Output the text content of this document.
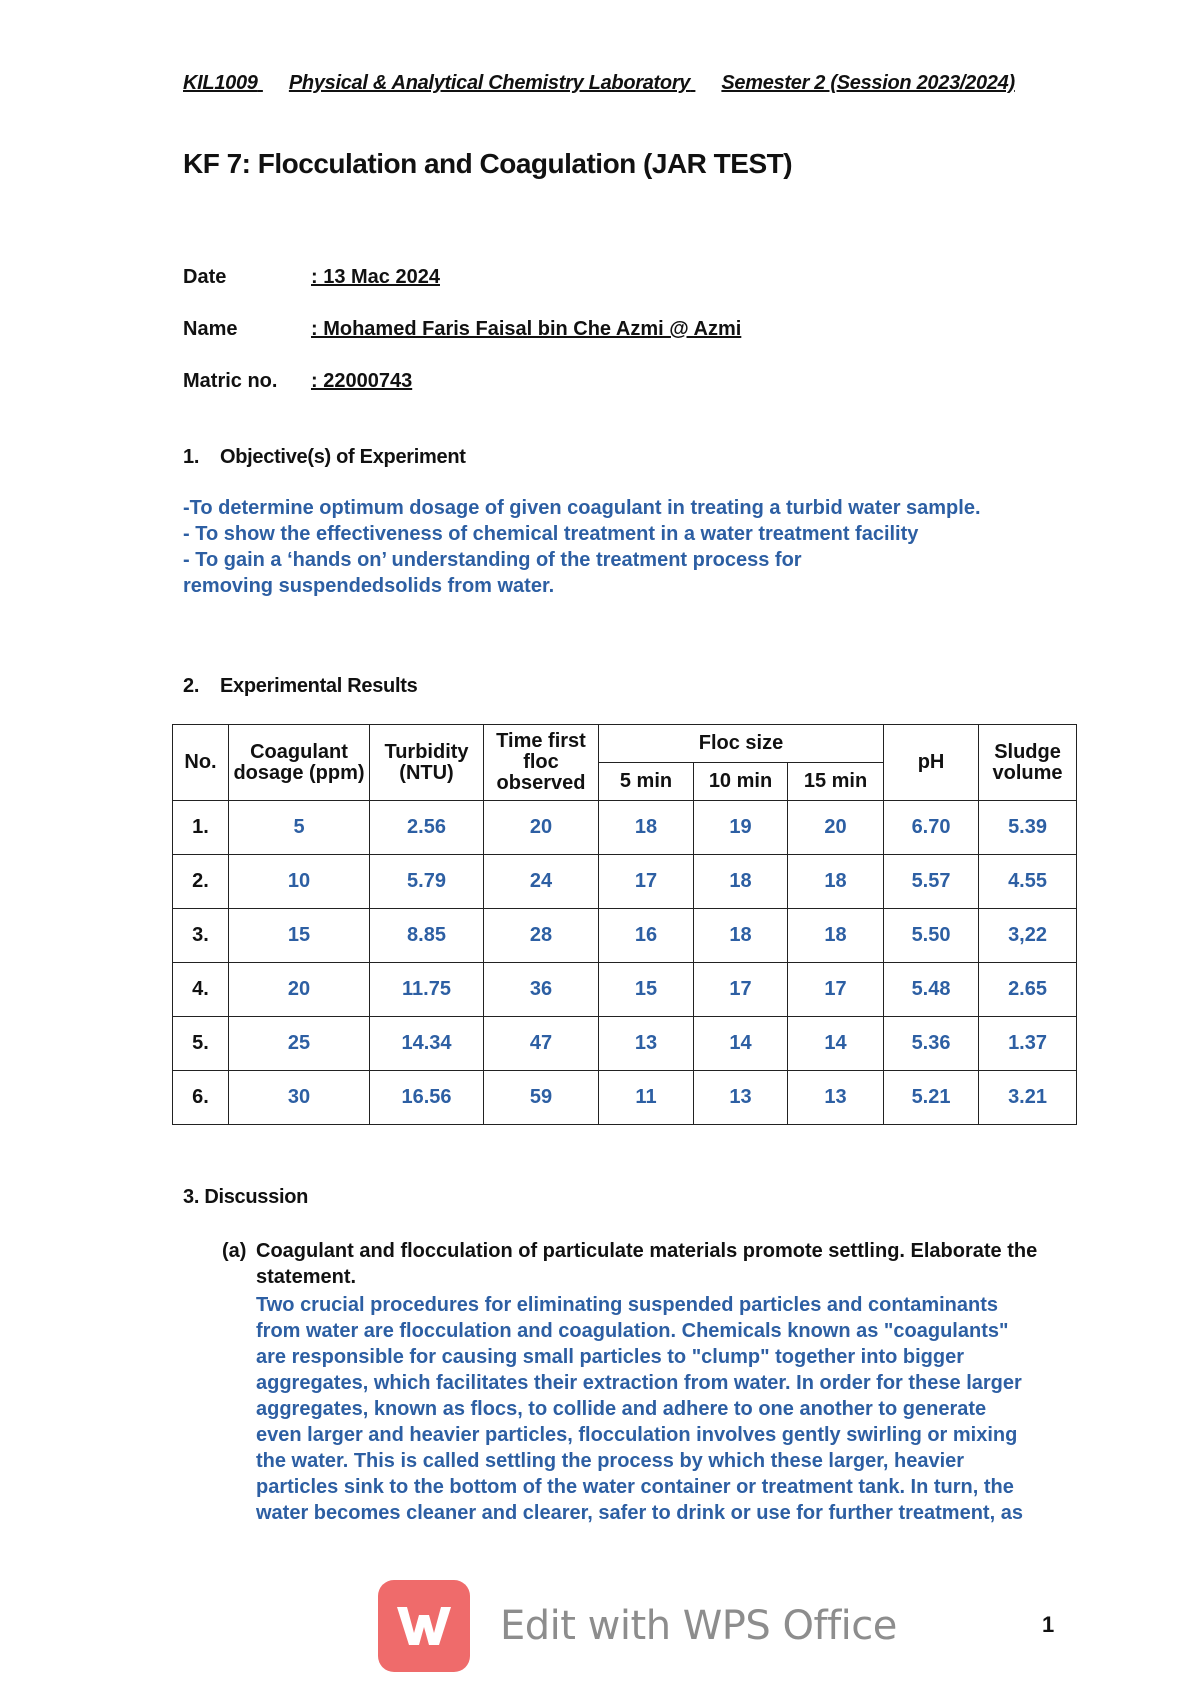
KIL1009 Physical & Analytical Chemistry Laboratory Semester 2 (Session 2023/2024)
KF 7: Flocculation and Coagulation (JAR TEST)
Date	: 13 Mac 2024
Name	: Mohamed Faris Faisal bin Che Azmi @ Azmi
Matric no. : 22000743
1. Objective(s) of Experiment
-To determine optimum dosage of given coagulant in treating a turbid water sample.
- To show the effectiveness of chemical treatment in a water treatment facility
- To gain a ‘hands on’ understanding of the treatment process for
removing suspendedsolids from water.
2. Experimental Results
No.	Coagulant dosage (ppm)	Turbidity (NTU)	Time first floc observed	Floc size			pH	Sludge volume
				5 min	10 min	15 min		
1.	5	2.56	20	18	19	20	6.70	5.39
2.	10	5.79	24	17	18	18	5.57	4.55
3.	15	8.85	28	16	18	18	5.50	3,22
4.	20	11.75	36	15	17	17	5.48	2.65
5.	25	14.34	47	13	14	14	5.36	1.37
6.	30	16.56	59	11	13	13	5.21	3.21
3. Discussion
(a) Coagulant and flocculation of particulate materials promote settling. Elaborate the statement.
Two crucial procedures for eliminating suspended particles and contaminants
from water are flocculation and coagulation. Chemicals known as "coagulants"
are responsible for causing small particles to "clump" together into bigger
aggregates, which facilitates their extraction from water. In order for these larger
aggregates, known as flocs, to collide and adhere to one another to generate
even larger and heavier particles, flocculation involves gently swirling or mixing
the water. This is called settling the process by which these larger, heavier
particles sink to the bottom of the water container or treatment tank. In turn, the
water becomes cleaner and clearer, safer to drink or use for further treatment, as
Edit with WPS Office	1
